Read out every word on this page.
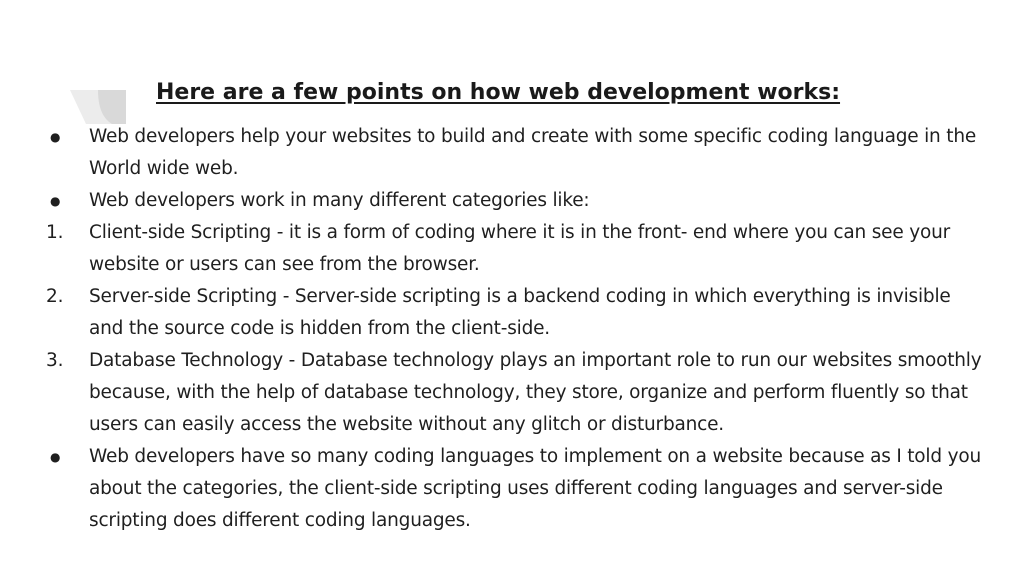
Here are a few points on how web development works:
●	Web developers help your websites to build and create with some specific coding language in the World wide web.
●	Web developers work in many different categories like:
1.	Client-side Scripting - it is a form of coding where it is in the front- end where you can see your website or users can see from the browser.
2.	Server-side Scripting - Server-side scripting is a backend coding in which everything is invisible and the source code is hidden from the client-side.
3.	Database Technology - Database technology plays an important role to run our websites smoothly because, with the help of database technology, they store, organize and perform fluently so that users can easily access the website without any glitch or disturbance.
●	Web developers have so many coding languages to implement on a website because as I told you about the categories, the client-side scripting uses different coding languages and server-side scripting does different coding languages.
